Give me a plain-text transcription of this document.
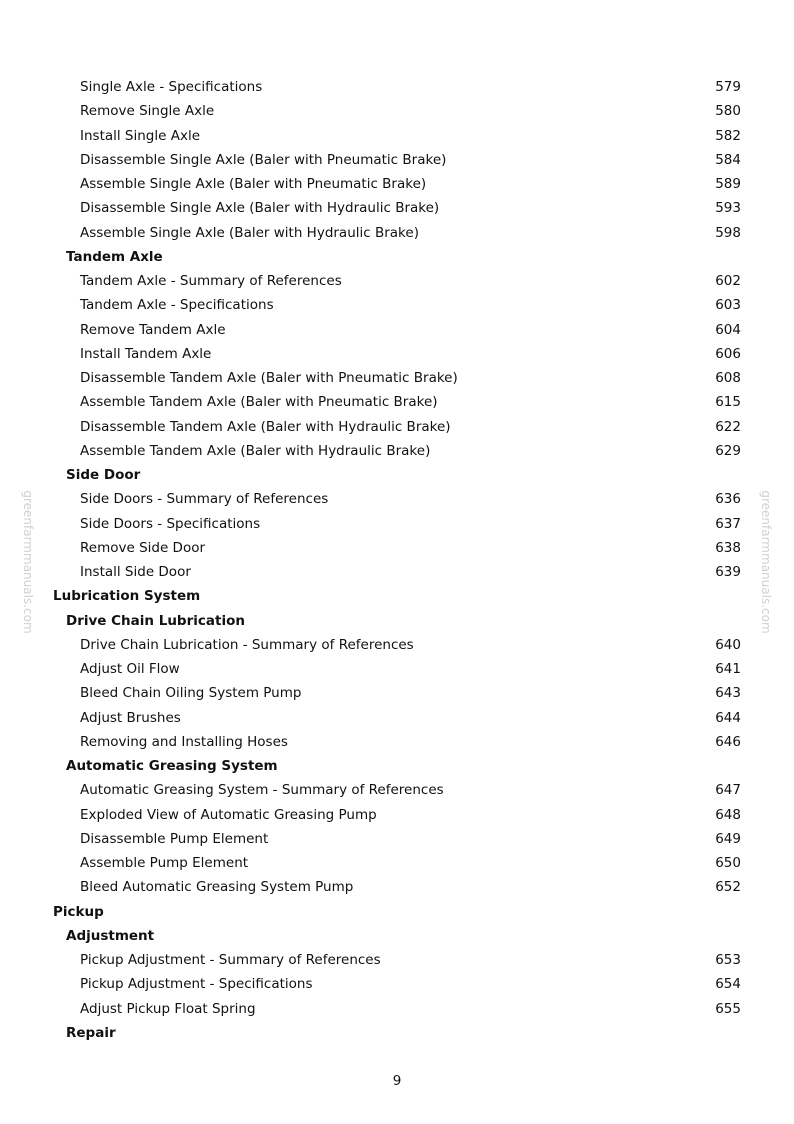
greenfarmmanuals.com	greenfarmmanuals.com
Single Axle - Specifications	579
Remove Single Axle	580
Install Single Axle	582
Disassemble Single Axle (Baler with Pneumatic Brake)	584
Assemble Single Axle (Baler with Pneumatic Brake)	589
Disassemble Single Axle (Baler with Hydraulic Brake)	593
Assemble Single Axle (Baler with Hydraulic Brake)	598
Tandem Axle
Tandem Axle - Summary of References	602
Tandem Axle - Specifications	603
Remove Tandem Axle	604
Install Tandem Axle	606
Disassemble Tandem Axle (Baler with Pneumatic Brake)	608
Assemble Tandem Axle (Baler with Pneumatic Brake)	615
Disassemble Tandem Axle (Baler with Hydraulic Brake)	622
Assemble Tandem Axle (Baler with Hydraulic Brake)	629
Side Door
Side Doors - Summary of References	636
Side Doors - Specifications	637
Remove Side Door	638
Install Side Door	639
Lubrication System
Drive Chain Lubrication
Drive Chain Lubrication - Summary of References	640
Adjust Oil Flow	641
Bleed Chain Oiling System Pump	643
Adjust Brushes	644
Removing and Installing Hoses	646
Automatic Greasing System
Automatic Greasing System - Summary of References	647
Exploded View of Automatic Greasing Pump	648
Disassemble Pump Element	649
Assemble Pump Element	650
Bleed Automatic Greasing System Pump	652
Pickup
Adjustment
Pickup Adjustment - Summary of References	653
Pickup Adjustment - Specifications	654
Adjust Pickup Float Spring	655
Repair
9
